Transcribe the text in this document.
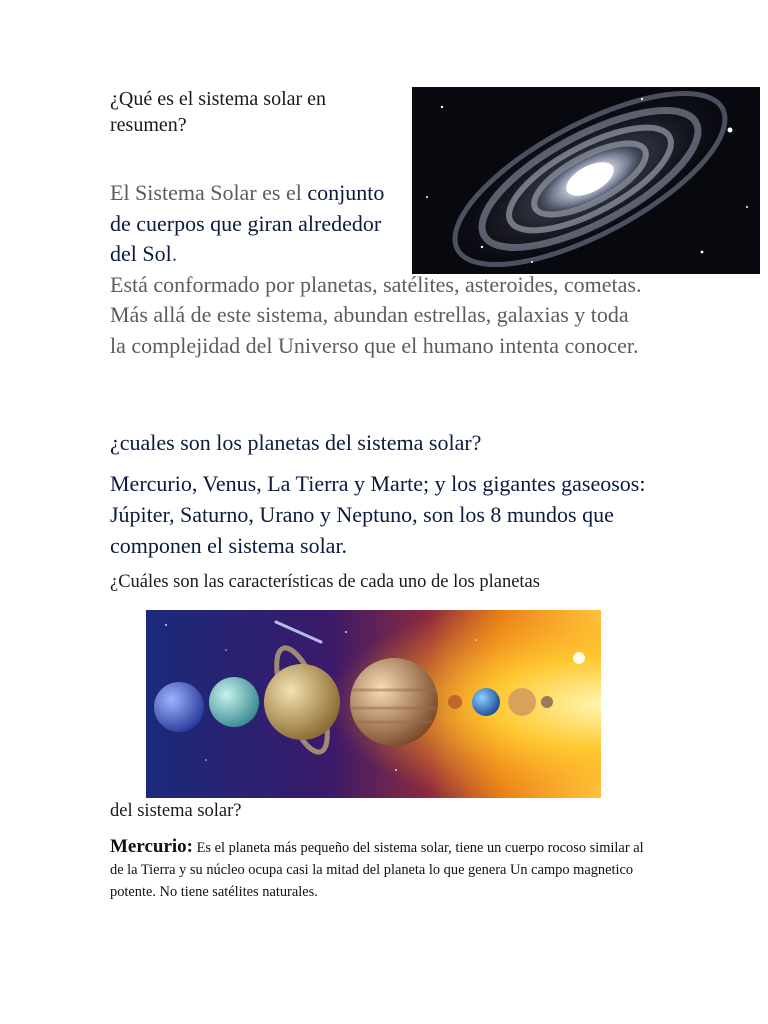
¿Qué es el sistema solar en resumen?
El Sistema Solar es el conjunto de cuerpos que giran alrededor del Sol.
Está conformado por planetas, satélites, asteroides, cometas. Más allá de este sistema, abundan estrellas, galaxias y toda la complejidad del Universo que el humano intenta conocer.
¿cuales son los planetas del sistema solar?
Mercurio, Venus, La Tierra y Marte; y los gigantes gaseosos: Júpiter, Saturno, Urano y Neptuno, son los 8 mundos que componen el sistema solar.
¿Cuáles son las características de cada uno de los planetas
del sistema solar?
Mercurio: Es el planeta más pequeño del sistema solar, tiene un cuerpo rocoso similar al de la Tierra y su núcleo ocupa casi la mitad del planeta lo que genera Un campo magnetico potente. No tiene satélites naturales.
